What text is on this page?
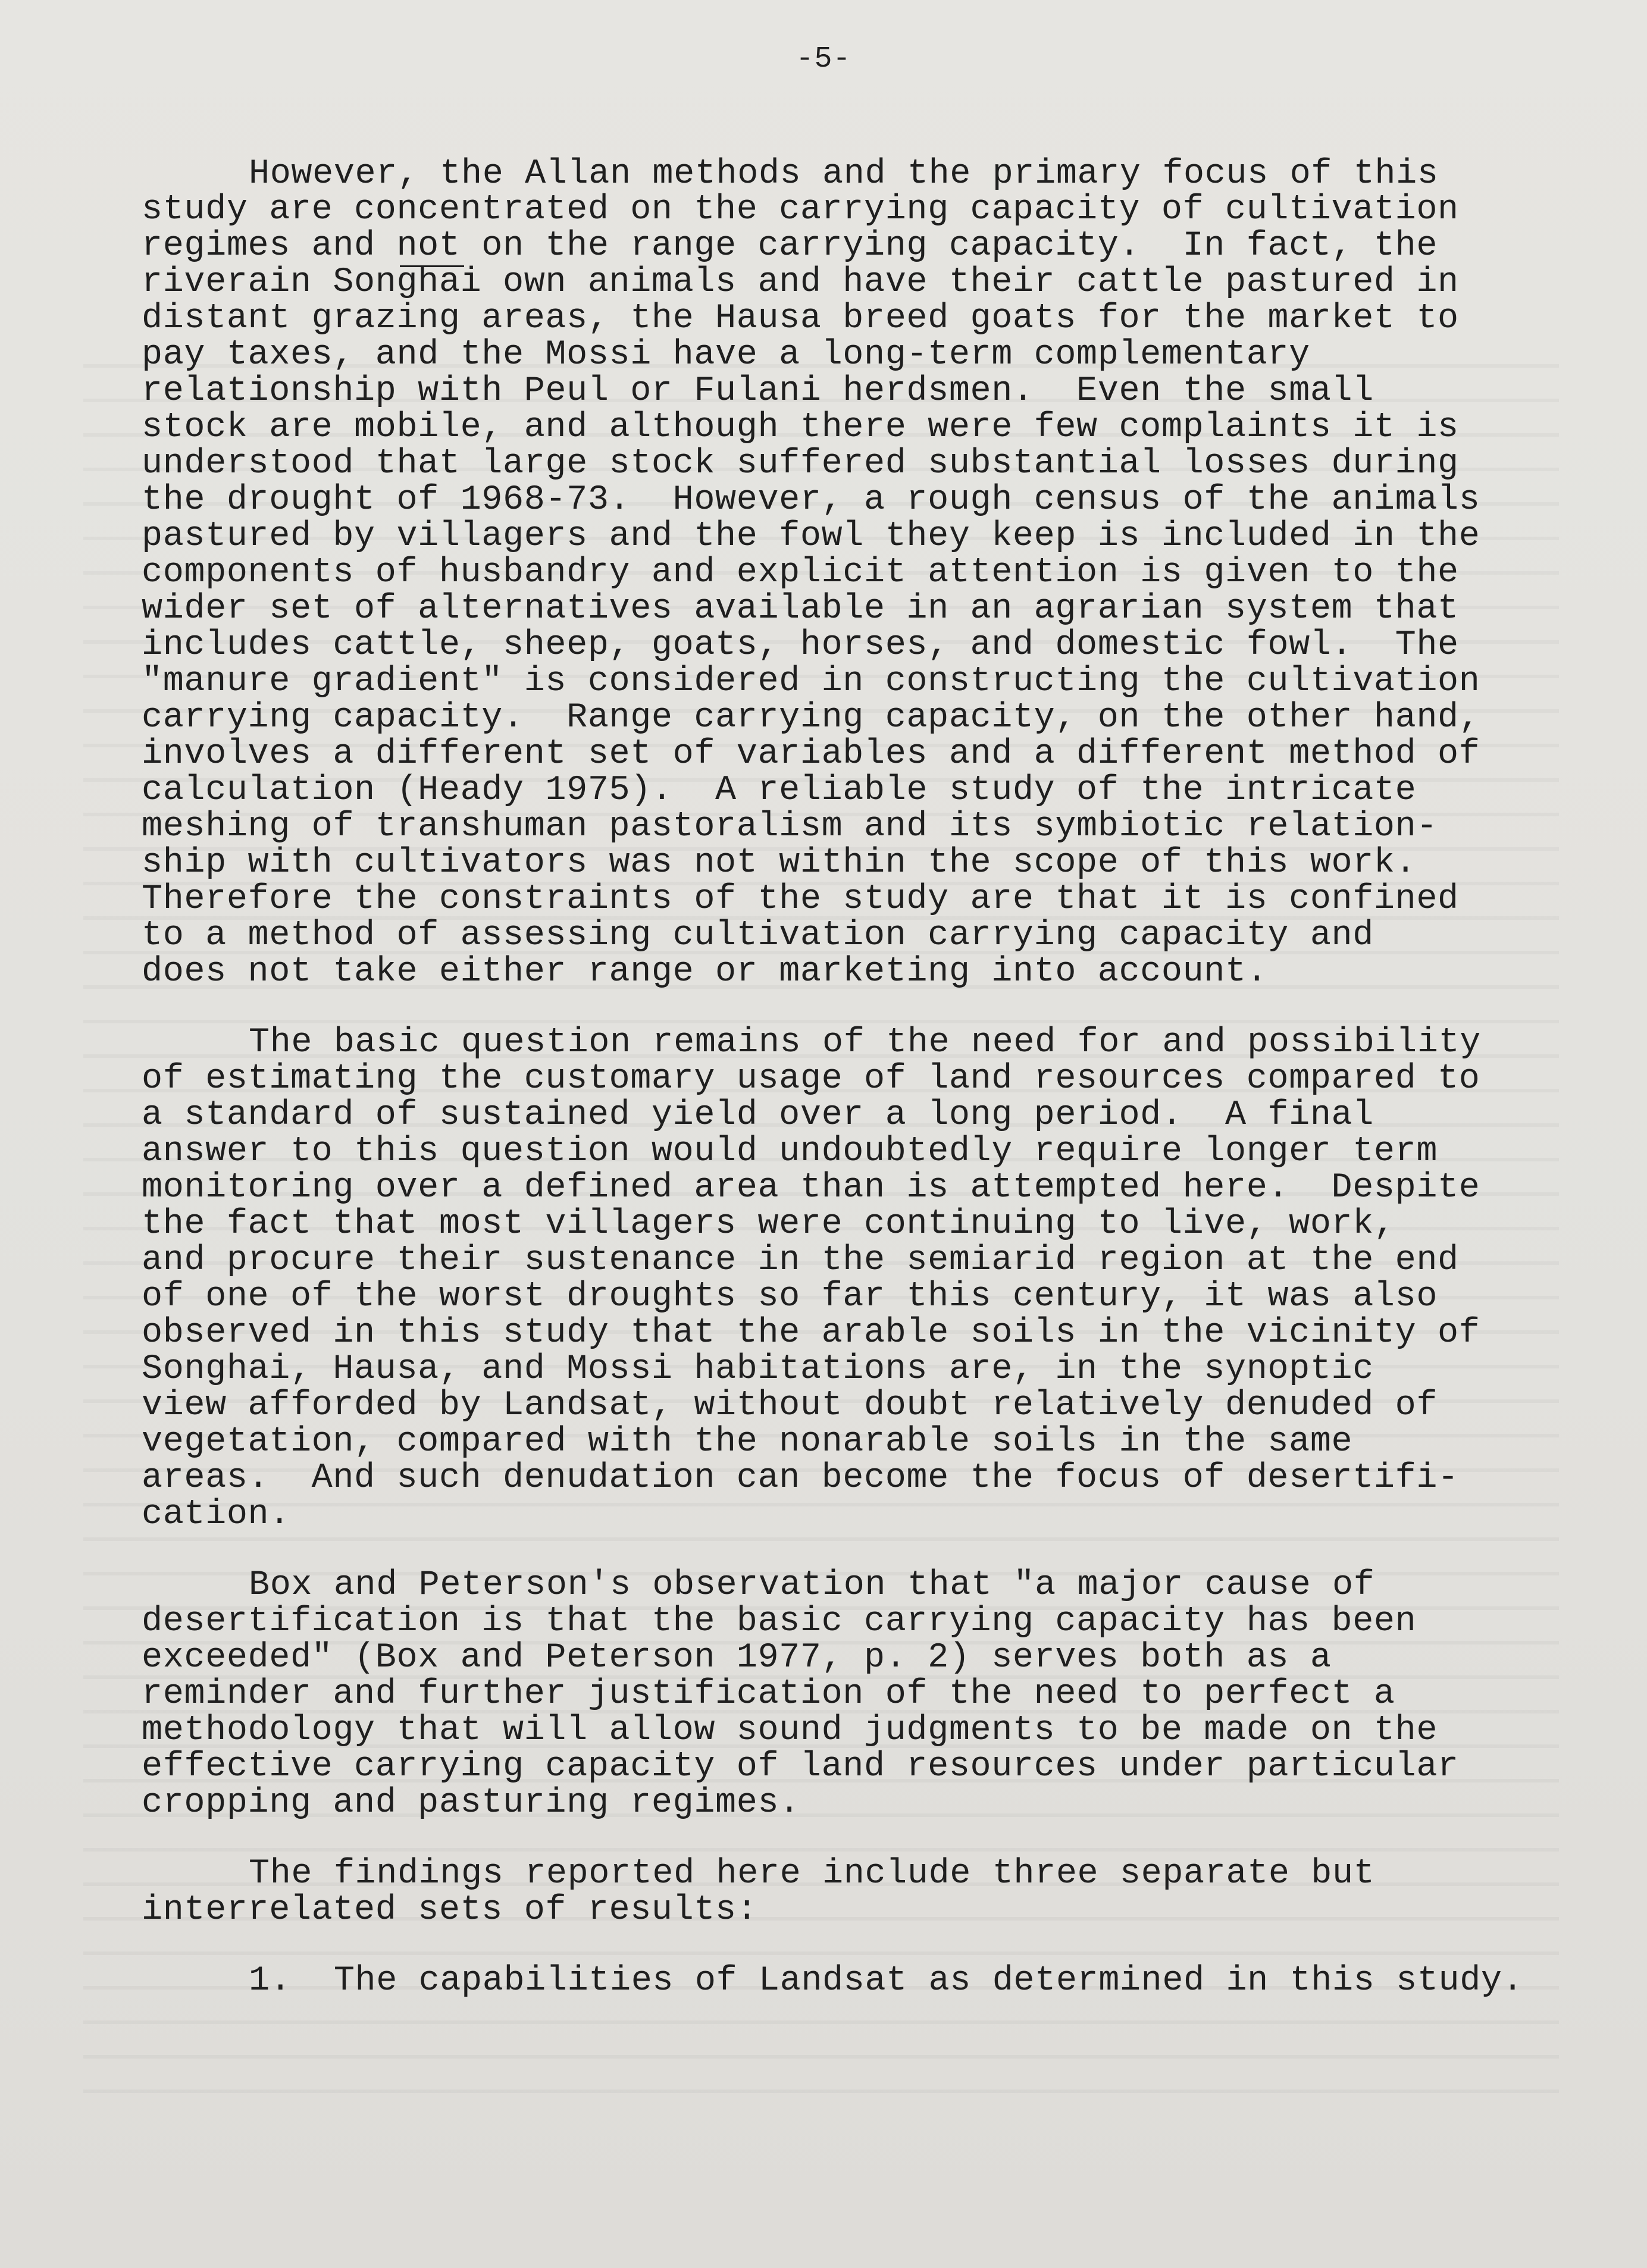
-5-
However, the Allan methods and the primary focus of this
study are concentrated on the carrying capacity of cultivation
regimes and not on the range carrying capacity.  In fact, the
riverain Songhai own animals and have their cattle pastured in
distant grazing areas, the Hausa breed goats for the market to
pay taxes, and the Mossi have a long-term complementary
relationship with Peul or Fulani herdsmen.  Even the small
stock are mobile, and although there were few complaints it is
understood that large stock suffered substantial losses during
the drought of 1968-73.  However, a rough census of the animals
pastured by villagers and the fowl they keep is included in the
components of husbandry and explicit attention is given to the
wider set of alternatives available in an agrarian system that
includes cattle, sheep, goats, horses, and domestic fowl.  The
"manure gradient" is considered in constructing the cultivation
carrying capacity.  Range carrying capacity, on the other hand,
involves a different set of variables and a different method of
calculation (Heady 1975).  A reliable study of the intricate
meshing of transhuman pastoralism and its symbiotic relation-
ship with cultivators was not within the scope of this work.
Therefore the constraints of the study are that it is confined
to a method of assessing cultivation carrying capacity and
does not take either range or marketing into account.
The basic question remains of the need for and possibility
of estimating the customary usage of land resources compared to
a standard of sustained yield over a long period.  A final
answer to this question would undoubtedly require longer term
monitoring over a defined area than is attempted here.  Despite
the fact that most villagers were continuing to live, work,
and procure their sustenance in the semiarid region at the end
of one of the worst droughts so far this century, it was also
observed in this study that the arable soils in the vicinity of
Songhai, Hausa, and Mossi habitations are, in the synoptic
view afforded by Landsat, without doubt relatively denuded of
vegetation, compared with the nonarable soils in the same
areas.  And such denudation can become the focus of desertifi-
cation.
Box and Peterson's observation that "a major cause of
desertification is that the basic carrying capacity has been
exceeded" (Box and Peterson 1977, p. 2) serves both as a
reminder and further justification of the need to perfect a
methodology that will allow sound judgments to be made on the
effective carrying capacity of land resources under particular
cropping and pasturing regimes.
The findings reported here include three separate but
interrelated sets of results:
1.  The capabilities of Landsat as determined in this study.
